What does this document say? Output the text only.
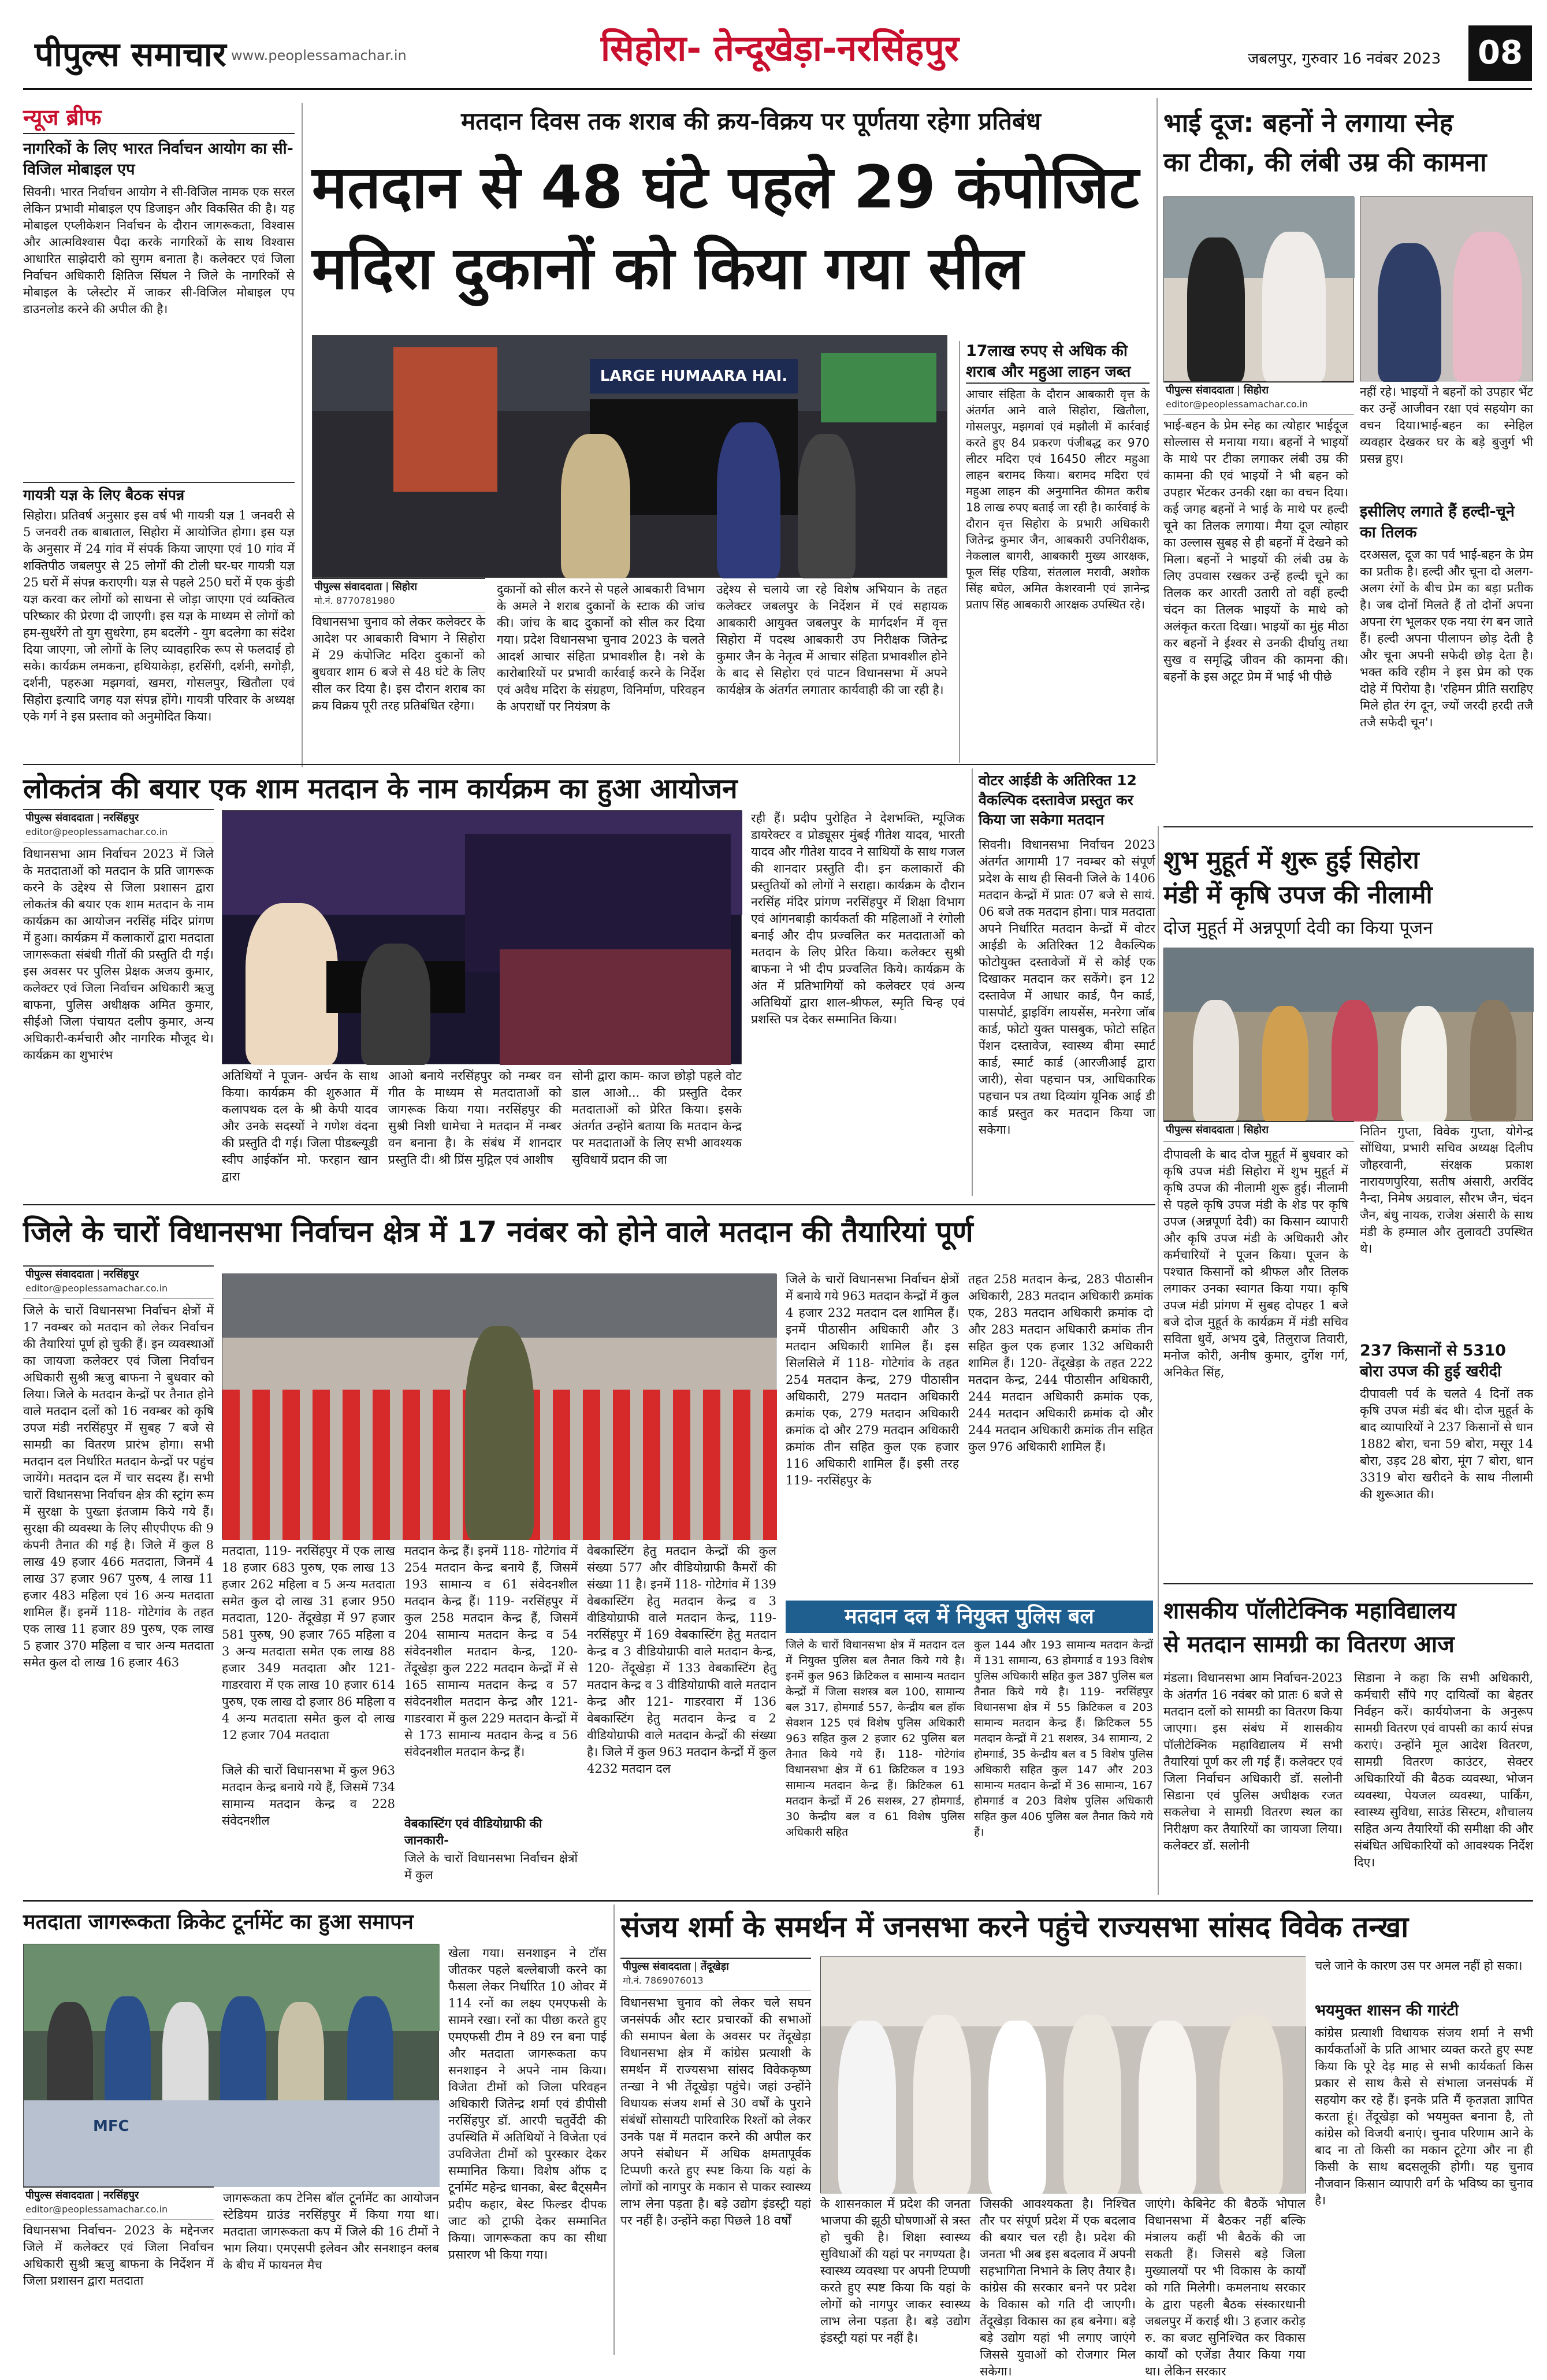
पीपुल्स समाचार www.peoplessamachar.in	सिहोरा- तेन्दूखेड़ा-नरसिंहपुर	जबलपुर, गुरुवार 16 नवंबर 2023 08
न्यूज ब्रीफ
नागरिकों के लिए भारत निर्वाचन आयोग का सी-विजिल मोबाइल एप
सिवनी। भारत निर्वाचन आयोग ने सी-विजिल नामक एक सरल लेकिन प्रभावी मोबाइल एप डिजाइन और विकसित की है। यह मोबाइल एप्लीकेशन निर्वाचन के दौरान जागरूकता, विश्वास और आत्मविश्वास पैदा करके नागरिकों के साथ विश्वास आधारित साझेदारी को सुगम बनाता है। कलेक्टर एवं जिला निर्वाचन अधिकारी क्षितिज सिंघल ने जिले के नागरिकों से मोबाइल के प्लेस्टोर में जाकर सी-विजिल मोबाइल एप डाउनलोड करने की अपील की है।
गायत्री यज्ञ के लिए बैठक संपन्न
सिहोरा। प्रतिवर्ष अनुसार इस वर्ष भी गायत्री यज्ञ 1 जनवरी से 5 जनवरी तक बाबाताल, सिहोरा में आयोजित होगा। इस यज्ञ के अनुसार में 24 गांव में संपर्क किया जाएगा एवं 10 गांव में शक्तिपीठ जबलपुर से 25 लोगों की टोली घर-घर गायत्री यज्ञ 25 घरों में संपन्न कराएगी। यज्ञ से पहले 250 घरों में एक कुंडी यज्ञ करवा कर लोगों को साधना से जोड़ा जाएगा एवं व्यक्तित्व परिष्कार की प्रेरणा दी जाएगी। इस यज्ञ के माध्यम से लोगों को हम-सुधरेंगे तो युग सुधरेगा, हम बदलेंगे - युग बदलेगा का संदेश दिया जाएगा, जो लोगों के लिए व्यावहारिक रूप से फलदाई हो सके। कार्यक्रम लमकना, हथियाकेड़ा, हरसिंगी, दर्शनी, सगोड़ी, दर्शनी, पहरुआ मझगवां, खमरा, गोसलपुर, खितौला एवं सिहोरा इत्यादि जगह यज्ञ संपन्न होंगे। गायत्री परिवार के अध्यक्ष एके गर्ग ने इस प्रस्ताव को अनुमोदित किया।
मतदान दिवस तक शराब की क्रय-विक्रय पर पूर्णतया रहेगा प्रतिबंध
मतदान से 48 घंटे पहले 29 कंपोजिट
मदिरा दुकानों को किया गया सील
LARGE HUMAARA HAI.
पीपुल्स संवाददाता | सिहोरा
मो.नं. 8770781980
विधानसभा चुनाव को लेकर कलेक्टर के आदेश पर आबकारी विभाग ने सिहोरा में 29 कंपोजिट मदिरा दुकानों को बुधवार शाम 6 बजे से 48 घंटे के लिए सील कर दिया है। इस दौरान शराब का क्रय विक्रय पूरी तरह प्रतिबंधित रहेगा।
दुकानों को सील करने से पहले आबकारी विभाग के अमले ने शराब दुकानों के स्टाक की जांच की। जांच के बाद दुकानों को सील कर दिया गया। प्रदेश विधानसभा चुनाव 2023 के चलते आदर्श आचार संहिता प्रभावशील है। नशे के कारोबारियों पर प्रभावी कार्रवाई करने के निर्देश एवं अवैध मदिरा के संग्रहण, विनिर्माण, परिवहन के अपराधों पर नियंत्रण के
उद्देश्य से चलाये जा रहे विशेष अभियान के तहत कलेक्टर जबलपुर के निर्देशन में एवं सहायक आबकारी आयुक्त जबलपुर के मार्गदर्शन में वृत्त सिहोरा में पदस्थ आबकारी उप निरीक्षक जितेन्द्र कुमार जैन के नेतृत्व में आचार संहिता प्रभावशील होने के बाद से सिहोरा एवं पाटन विधानसभा में अपने कार्यक्षेत्र के अंतर्गत लगातार कार्यवाही की जा रही है।
17लाख रुपए से अधिक की शराब और महुआ लाहन जब्त
आचार संहिता के दौरान आबकारी वृत्त के अंतर्गत आने वाले सिहोरा, खितौला, गोसलपुर, मझगवां एवं मझौली में कार्रवाई करते हुए 84 प्रकरण पंजीबद्ध कर 970 लीटर मदिरा एवं 16450 लीटर महुआ लाहन बरामद किया। बरामद मदिरा एवं महुआ लाहन की अनुमानित कीमत करीब 18 लाख रुपए बताई जा रही है। कार्रवाई के दौरान वृत्त सिहोरा के प्रभारी अधिकारी जितेन्द्र कुमार जैन, आबकारी उपनिरीक्षक, नेकलाल बागरी, आबकारी मुख्य आरक्षक, फूल सिंह एडिया, संतलाल मरावी, अशोक सिंह बघेल, अमित केशरवानी एवं ज्ञानेन्द्र प्रताप सिंह आबकारी आरक्षक उपस्थित रहे।
भाई दूज: बहनों ने लगाया स्नेह
का टीका, की लंबी उम्र की कामना
पीपुल्स संवाददाता | सिहोरा
editor@peoplessamachar.co.in
भाई-बहन के प्रेम स्नेह का त्योहार भाईदूज सोल्लास से मनाया गया। बहनों ने भाइयों के माथे पर टीका लगाकर लंबी उम्र की कामना की एवं भाइयों ने भी बहन को उपहार भेंटकर उनकी रक्षा का वचन दिया। कई जगह बहनों ने भाई के माथे पर हल्दी चूने का तिलक लगाया। मैया दूज त्योहार का उल्लास सुबह से ही बहनों में देखने को मिला। बहनों ने भाइयों की लंबी उम्र के लिए उपवास रखकर उन्हें हल्दी चूने का तिलक कर आरती उतारी तो वहीं हल्दी चंदन का तिलक भाइयों के माथे को अलंकृत करता दिखा। भाइयों का मुंह मीठा कर बहनों ने ईश्वर से उनकी दीर्घायु तथा सुख व समृद्धि जीवन की कामना की। बहनों के इस अटूट प्रेम में भाई भी पीछे
नहीं रहे। भाइयों ने बहनों को उपहार भेंट कर उन्हें आजीवन रक्षा एवं सहयोग का वचन दिया।भाई-बहन का स्नेहिल व्यवहार देखकर घर के बड़े बुजुर्ग भी प्रसन्न हुए।
इसीलिए लगाते हैं हल्दी-चूने का तिलक
दरअसल, दूज का पर्व भाई-बहन के प्रेम का प्रतीक है। हल्दी और चूना दो अलग-अलग रंगों के बीच प्रेम का बड़ा प्रतीक है। जब दोनों मिलते हैं तो दोनों अपना अपना रंग भूलकर एक नया रंग बन जाते हैं। हल्दी अपना पीलापन छोड़ देती है और चूना अपनी सफेदी छोड़ देता है। भक्त कवि रहीम ने इस प्रेम को एक दोहे में पिरोया है। 'रहिमन प्रीति सराहिए मिले होत रंग दून, ज्यों जरदी हरदी तजै तजै सफेदी चून'।
लोकतंत्र की बयार एक शाम मतदान के नाम कार्यक्रम का हुआ आयोजन
पीपुल्स संवाददाता | नरसिंहपुर
editor@peoplessamachar.co.in
विधानसभा आम निर्वाचन 2023 में जिले के मतदाताओं को मतदान के प्रति जागरूक करने के उद्देश्य से जिला प्रशासन द्वारा लोकतंत्र की बयार एक शाम मतदान के नाम कार्यक्रम का आयोजन नरसिंह मंदिर प्रांगण में हुआ। कार्यक्रम में कलाकारों द्वारा मतदाता जागरूकता संबंधी गीतों की प्रस्तुति दी गई। इस अवसर पर पुलिस प्रेक्षक अजय कुमार, कलेक्टर एवं जिला निर्वाचन अधिकारी ऋजु बाफना, पुलिस अधीक्षक अमित कुमार, सीईओ जिला पंचायत दलीप कुमार, अन्य अधिकारी-कर्मचारी और नागरिक मौजूद थे। कार्यक्रम का शुभारंभ
अतिथियों ने पूजन- अर्चन के साथ किया। कार्यक्रम की शुरुआत में कलापथक दल के श्री केपी यादव और उनके सदस्यों ने गणेश वंदना की प्रस्तुति दी गई। जिला पीडब्ल्यूडी स्वीप आईकॉन मो. फरहान खान द्वारा
आओ बनाये नरसिंहपुर को नम्बर वन गीत के माध्यम से मतदाताओं को जागरूक किया गया। नरसिंहपुर की सुश्री निशी धामेचा ने मतदान में नम्बर वन बनाना है। के संबंध में शानदार प्रस्तुति दी। श्री प्रिंस मुद्गिल एवं आशीष
सोनी द्वारा काम- काज छोड़ो पहले वोट डाल आओ... की प्रस्तुति देकर मतदाताओं को प्रेरित किया। इसके अंतर्गत उन्होंने बताया कि मतदान केन्द्र पर मतदाताओं के लिए सभी आवश्यक सुविधायें प्रदान की जा
रही हैं। प्रदीप पुरोहित ने देशभक्ति, म्यूजिक डायरेक्टर व प्रोड्यूसर मुंबई गीतेश यादव, भारती यादव और गीतेश यादव ने साथियों के साथ गजल की शानदार प्रस्तुति दी। इन कलाकारों की प्रस्तुतियों को लोगों ने सराहा। कार्यक्रम के दौरान नरसिंह मंदिर प्रांगण नरसिंहपुर में शिक्षा विभाग एवं आंगनबाड़ी कार्यकर्ता की महिलाओं ने रंगोली बनाई और दीप प्रज्वलित कर मतदाताओं को मतदान के लिए प्रेरित किया। कलेक्टर सुश्री बाफना ने भी दीप प्रज्वलित किये। कार्यक्रम के अंत में प्रतिभागियों को कलेक्टर एवं अन्य अतिथियों द्वारा शाल-श्रीफल, स्मृति चिन्ह एवं प्रशस्ति पत्र देकर सम्मानित किया।
वोटर आईडी के अतिरिक्त 12 वैकल्पिक दस्तावेज प्रस्तुत कर किया जा सकेगा मतदान
सिवनी। विधानसभा निर्वाचन 2023 अंतर्गत आगामी 17 नवम्बर को संपूर्ण प्रदेश के साथ ही सिवनी जिले के 1406 मतदान केन्द्रों में प्रातः 07 बजे से सायं. 06 बजे तक मतदान होना। पात्र मतदाता अपने निर्धारित मतदान केन्द्रों में वोटर आईडी के अतिरिक्त 12 वैकल्पिक फोटोयुक्त दस्तावेजों में से कोई एक दिखाकर मतदान कर सकेंगे। इन 12 दस्तावेज में आधार कार्ड, पैन कार्ड, पासपोर्ट, ड्राइविंग लायसेंस, मनरेगा जॉब कार्ड, फोटो युक्त पासबुक, फोटो सहित पेंशन दस्तावेज, स्वास्थ्य बीमा स्मार्ट कार्ड, स्मार्ट कार्ड (आरजीआई द्वारा जारी), सेवा पहचान पत्र, आधिकारिक पहचान पत्र तथा दिव्यांग यूनिक आई डी कार्ड प्रस्तुत कर मतदान किया जा सकेगा।
शुभ मुहूर्त में शुरू हुई सिहोरा
मंडी में कृषि उपज की नीलामी
दोज मुहूर्त में अन्नपूर्णा देवी का किया पूजन
पीपुल्स संवाददाता | सिहोरा	नितिन गुप्ता, विवेक गुप्ता, योगेन्द्र सोंधिया, प्रभारी सचिव अध्यक्ष दिलीप जौहरवानी, संरक्षक प्रकाश नारायणपुरिया, सतीष अंसारी, अरविंद नैन्दा, निमेष अग्रवाल, सौरभ जैन, चंदन जैन, बंधु नायक, राजेश अंसारी के साथ मंडी के हम्माल और तुलावटी उपस्थित थे।
दीपावली के बाद दोज मुहूर्त में बुधवार को कृषि उपज मंडी सिहोरा में शुभ मुहूर्त में कृषि उपज की नीलामी शुरू हुई। नीलामी से पहले कृषि उपज मंडी के शेड पर कृषि उपज (अन्नपूर्णा देवी) का किसान व्यापारी और कृषि उपज मंडी के अधिकारी और कर्मचारियों ने पूजन किया। पूजन के पश्चात किसानों को श्रीफल और तिलक लगाकर उनका स्वागत किया गया। कृषि उपज मंडी प्रांगण में सुबह दोपहर 1 बजे बजे दोज मुहूर्त के कार्यक्रम में मंडी सचिव सविता धुर्वे, अभय दुबे, तिलुराज तिवारी, मनोज कोरी, अनीष कुमार, दुर्गेश गर्ग, अनिकेत सिंह,
237 किसानों से 5310 बोरा उपज की हुई खरीदी
दीपावली पर्व के चलते 4 दिनों तक कृषि उपज मंडी बंद थी। दोज मुहूर्त के बाद व्यापारियों ने 237 किसानों से धान 1882 बोरा, चना 59 बोरा, मसूर 14 बोरा, उड़द 28 बोरा, मूंग 7 बोरा, धान 3319 बोरा खरीदने के साथ नीलामी की शुरूआत की।
जिले के चारों विधानसभा निर्वाचन क्षेत्र में 17 नवंबर को होने वाले मतदान की तैयारियां पूर्ण
पीपुल्स संवाददाता | नरसिंहपुर
editor@peoplessamachar.co.in
जिले के चारों विधानसभा निर्वाचन क्षेत्रों में 17 नवम्बर को मतदान को लेकर निर्वाचन की तैयारियां पूर्ण हो चुकी हैं। इन व्यवस्थाओं का जायजा कलेक्टर एवं जिला निर्वाचन अधिकारी सुश्री ऋजु बाफना ने बुधवार को लिया। जिले के मतदान केन्द्रों पर तैनात होने वाले मतदान दलों को 16 नवम्बर को कृषि उपज मंडी नरसिंहपुर में सुबह 7 बजे से सामग्री का वितरण प्रारंभ होगा। सभी मतदान दल निर्धारित मतदान केन्द्रों पर पहुंच जायेंगे। मतदान दल में चार सदस्य हैं। सभी चारों विधानसभा निर्वाचन क्षेत्र की स्ट्रांग रूम में सुरक्षा के पुख्ता इंतजाम किये गये हैं। सुरक्षा की व्यवस्था के लिए सीएपीएफ की 9 कंपनी तैनात की गई है। जिले में कुल 8 लाख 49 हजार 466 मतदाता, जिनमें 4 लाख 37 हजार 967 पुरुष, 4 लाख 11 हजार 483 महिला एवं 16 अन्य मतदाता शामिल हैं। इनमें 118- गोटेगांव के तहत एक लाख 11 हजार 89 पुरुष, एक लाख 5 हजार 370 महिला व चार अन्य मतदाता समेत कुल दो लाख 16 हजार 463
मतदाता, 119- नरसिंहपुर में एक लाख 18 हजार 683 पुरुष, एक लाख 13 हजार 262 महिला व 5 अन्य मतदाता समेत कुल दो लाख 31 हजार 950 मतदाता, 120- तेंदूखेड़ा में 97 हजार 581 पुरुष, 90 हजार 765 महिला व 3 अन्य मतदाता समेत एक लाख 88 हजार 349 मतदाता और 121- गाडरवारा में एक लाख 10 हजार 614 पुरुष, एक लाख दो हजार 86 महिला व 4 अन्य मतदाता समेत कुल दो लाख 12 हजार 704 मतदाता
जिले की चारों विधानसभा में कुल 963 मतदान केन्द्र बनाये गये हैं, जिसमें 734 सामान्य मतदान केन्द्र व 228 संवेदनशील
मतदान केन्द्र हैं। इनमें 118- गोटेगांव में 254 मतदान केन्द्र बनाये हैं, जिसमें 193 सामान्य व 61 संवेदनशील मतदान केन्द्र हैं। 119- नरसिंहपुर में कुल 258 मतदान केन्द्र हैं, जिसमें 204 सामान्य मतदान केन्द्र व 54 संवेदनशील मतदान केन्द्र, 120- तेंदूखेड़ा कुल 222 मतदान केन्द्रों में से 165 सामान्य मतदान केन्द्र व 57 संवेदनशील मतदान केन्द्र और 121- गाडरवारा में कुल 229 मतदान केन्द्रों में से 173 सामान्य मतदान केन्द्र व 56 संवेदनशील मतदान केन्द्र हैं।
वेबकास्टिंग एवं वीडियोग्राफी की जानकारी-
जिले के चारों विधानसभा निर्वाचन क्षेत्रों में कुल
वेबकास्टिंग हेतु मतदान केन्द्रों की कुल संख्या 577 और वीडियोग्राफी कैमरों की संख्या 11 है। इनमें 118- गोटेगांव में 139 वेबकास्टिंग हेतु मतदान केन्द्र व 3 वीडियोग्राफी वाले मतदान केन्द्र, 119- नरसिंहपुर में 169 वेबकास्टिंग हेतु मतदान केन्द्र व 3 वीडियोग्राफी वाले मतदान केन्द्र, 120- तेंदूखेड़ा में 133 वेबकास्टिंग हेतु मतदान केन्द्र व 3 वीडियोग्राफी वाले मतदान केन्द्र और 121- गाडरवारा में 136 वेबकास्टिंग हेतु मतदान केन्द्र व 2 वीडियोग्राफी वाले मतदान केन्द्रों की संख्या है। जिले में कुल 963 मतदान केन्द्रों में कुल 4232 मतदान दल
जिले के चारों विधानसभा निर्वाचन क्षेत्रों में बनाये गये 963 मतदान केन्द्रों में कुल 4 हजार 232 मतदान दल शामिल हैं। इनमें पीठासीन अधिकारी और 3 मतदान अधिकारी शामिल हैं। इस सिलसिले में 118- गोटेगांव के तहत 254 मतदान केन्द्र, 279 पीठासीन अधिकारी, 279 मतदान अधिकारी क्रमांक एक, 279 मतदान अधिकारी क्रमांक दो और 279 मतदान अधिकारी क्रमांक तीन सहित कुल एक हजार 116 अधिकारी शामिल हैं। इसी तरह 119- नरसिंहपुर के
तहत 258 मतदान केन्द्र, 283 पीठासीन अधिकारी, 283 मतदान अधिकारी क्रमांक एक, 283 मतदान अधिकारी क्रमांक दो और 283 मतदान अधिकारी क्रमांक तीन सहित कुल एक हजार 132 अधिकारी शामिल हैं। 120- तेंदूखेड़ा के तहत 222 मतदान केन्द्र, 244 पीठासीन अधिकारी, 244 मतदान अधिकारी क्रमांक एक, 244 मतदान अधिकारी क्रमांक दो और 244 मतदान अधिकारी क्रमांक तीन सहित कुल 976 अधिकारी शामिल हैं।
मतदान दल में नियुक्त पुलिस बल
जिले के चारों विधानसभा क्षेत्र में मतदान दल में नियुक्त पुलिस बल तैनात किये गये है। इनमें कुल 963 क्रिटिकल व सामान्य मतदान केन्द्रों में जिला सशस्त्र बल 100, सामान्य बल 317, होमगार्ड 557, केन्द्रीय बल हॉक सेवशन 125 एवं विशेष पुलिस अधिकारी 963 सहित कुल 2 हजार 62 पुलिस बल तैनात किये गये हैं। 118- गोटेगांव विधानसभा क्षेत्र में 61 क्रिटिकल व 193 सामान्य मतदान केन्द्र हैं। क्रिटिकल 61 मतदान केन्द्रों में 26 सशस्त्र, 27 होमगार्ड, 30 केन्द्रीय बल व 61 विशेष पुलिस अधिकारी सहित
कुल 144 और 193 सामान्य मतदान केन्द्रों में 131 सामान्य, 63 होमगार्ड व 193 विशेष पुलिस अधिकारी सहित कुल 387 पुलिस बल तैनात किये गये है। 119- नरसिंहपुर विधानसभा क्षेत्र में 55 क्रिटिकल व 203 सामान्य मतदान केन्द्र हैं। क्रिटिकल 55 मतदान केन्द्रों में 21 सशस्त्र, 34 सामान्य, 2 होमगार्ड, 35 केन्द्रीय बल व 5 विशेष पुलिस अधिकारी सहित कुल 147 और 203 सामान्य मतदान केन्द्रों में 36 सामान्य, 167 होमगार्ड व 203 विशेष पुलिस अधिकारी सहित कुल 406 पुलिस बल तैनात किये गये हैं।
शासकीय पॉलीटेक्निक महाविद्यालय
से मतदान सामग्री का वितरण आज
मंडला। विधानसभा आम निर्वाचन-2023 के अंतर्गत 16 नवंबर को प्रातः 6 बजे से मतदान दलों को सामग्री का वितरण किया जाएगा। इस संबंध में शासकीय पॉलीटेक्निक महाविद्यालय में सभी तैयारियां पूर्ण कर ली गई हैं। कलेक्टर एवं जिला निर्वाचन अधिकारी डॉ. सलोनी सिडाना एवं पुलिस अधीक्षक रजत सकलेचा ने सामग्री वितरण स्थल का निरीक्षण कर तैयारियों का जायजा लिया। कलेक्टर डॉ. सलोनी
सिडाना ने कहा कि सभी अधिकारी, कर्मचारी सौंपे गए दायित्वों का बेहतर निर्वहन करें। कार्ययोजना के अनुरूप सामग्री वितरण एवं वापसी का कार्य संपन्न कराएं। उन्होंने मूल आदेश वितरण, सामग्री वितरण काउंटर, सेक्टर अधिकारियों की बैठक व्यवस्था, भोजन व्यवस्था, पेयजल व्यवस्था, पार्किंग, स्वास्थ्य सुविधा, साउंड सिस्टम, शौचालय सहित अन्य तैयारियों की समीक्षा की और संबंधित अधिकारियों को आवश्यक निर्देश दिए।
मतदाता जागरूकता क्रिकेट टूर्नामेंट का हुआ समापन
MFC
पीपुल्स संवाददाता | नरसिंहपुर
editor@peoplessamachar.co.in
विधानसभा निर्वाचन- 2023 के मद्देनजर जिले में कलेक्टर एवं जिला निर्वाचन अधिकारी सुश्री ऋजु बाफना के निर्देशन में जिला प्रशासन द्वारा मतदाता
जागरूकता कप टेनिस बॉल टूर्नामेंट का आयोजन स्टेडियम ग्राउंड नरसिंहपुर में किया गया था। मतदाता जागरूकता कप में जिले की 16 टीमों ने भाग लिया। एमएसपी इलेवन और सनशाइन क्लब के बीच में फायनल मैच
खेला गया। सनशाइन ने टॉस जीतकर पहले बल्लेबाजी करने का फैसला लेकर निर्धारित 10 ओवर में 114 रनों का लक्ष्य एमएफसी के सामने रखा। रनों का पीछा करते हुए एमएफसी टीम ने 89 रन बना पाई और मतदाता जागरूकता कप सनशाइन ने अपने नाम किया। विजेता टीमों को जिला परिवहन अधिकारी जितेन्द्र शर्मा एवं डीपीसी नरसिंहपुर डॉ. आरपी चतुर्वेदी की उपस्थिति में अतिथियों ने विजेता एवं उपविजेता टीमों को पुरस्कार देकर सम्मानित किया। विशेष ऑफ द टूर्नामेंट महेन्द्र धानका, बेस्ट बैट्समैन प्रदीप कहार, बेस्ट फिल्डर दीपक जाट को ट्राफी देकर सम्मानित किया। जागरूकता कप का सीधा प्रसारण भी किया गया।
संजय शर्मा के समर्थन में जनसभा करने पहुंचे राज्यसभा सांसद विवेक तन्खा
पीपुल्स संवाददाता | तेंदूखेड़ा
मो.नं. 7869076013
विधानसभा चुनाव को लेकर चले सघन जनसंपर्क और स्टार प्रचारकों की सभाओं की समापन बेला के अवसर पर तेंदूखेड़ा विधानसभा क्षेत्र में कांग्रेस प्रत्याशी के समर्थन में राज्यसभा सांसद विवेककृष्ण तन्खा ने भी तेंदूखेड़ा पहुंचे। जहां उन्होंने विधायक संजय शर्मा से 30 वर्षों के पुराने संबंधों सोसायटी पारिवारिक रिश्तों को लेकर उनके पक्ष में मतदान करने की अपील कर अपने संबोधन में अधिक क्षमतापूर्वक टिप्पणी करते हुए स्पष्ट किया कि यहां के लोगों को नागपुर के मकान से पाकर स्वास्थ्य लाभ लेना पड़ता है। बड़े उद्योग इंडस्ट्री यहां पर नहीं है। उन्होंने कहा पिछले 18 वर्षों
के शासनकाल में प्रदेश की जनता भाजपा की झूठी घोषणाओं से त्रस्त हो चुकी है। शिक्षा स्वास्थ्य सुविधाओं की यहां पर नगण्यता है। स्वास्थ्य व्यवस्था पर अपनी टिप्पणी करते हुए स्पष्ट किया कि यहां के लोगों को नागपुर जाकर स्वास्थ्य लाभ लेना पड़ता है। बड़े उद्योग इंडस्ट्री यहां पर नहीं है।
जिसकी आवश्यकता है। निश्चित तौर पर संपूर्ण प्रदेश में एक बदलाव की बयार चल रही है। प्रदेश की जनता भी अब इस बदलाव में अपनी सहभागिता निभाने के लिए तैयार है। कांग्रेस की सरकार बनने पर प्रदेश के विकास को गति दी जाएगी। तेंदूखेड़ा विकास का हब बनेगा। बड़े बड़े उद्योग यहां भी लगाए जाएंगे जिससे युवाओं को रोजगार मिल सकेगा।
जाएंगे। केबिनेट की बैठकें भोपाल विधानसभा में बैठकर नहीं बल्कि मंत्रालय कहीं भी बैठकें की जा सकती हैं। जिससे बड़े जिला मुख्यालयों पर भी विकास के कार्यों को गति मिलेगी। कमलनाथ सरकार के द्वारा पहली बैठक संस्कारधानी जबलपुर में कराई थी। 3 हजार करोड़ रु. का बजट सुनिश्चित कर विकास कार्यों को एजेंडा तैयार किया गया था। लेकिन सरकार
चले जाने के कारण उस पर अमल नहीं हो सका।
भयमुक्त शासन की गारंटी
कांग्रेस प्रत्याशी विधायक संजय शर्मा ने सभी कार्यकर्ताओं के प्रति आभार व्यक्त करते हुए स्पष्ट किया कि पूरे देड़ माह से सभी कार्यकर्ता किस प्रकार से साथ कैसे से संभाला जनसंपर्क में सहयोग कर रहे हैं। इनके प्रति मैं कृतज्ञता ज्ञापित करता हूं। तेंदूखेड़ा को भयमुक्त बनाना है, तो कांग्रेस को विजयी बनाएं। चुनाव परिणाम आने के बाद ना तो किसी का मकान टूटेगा और ना ही किसी के साथ बदसलूकी होगी। यह चुनाव नौजवान किसान व्यापारी वर्ग के भविष्य का चुनाव है।
